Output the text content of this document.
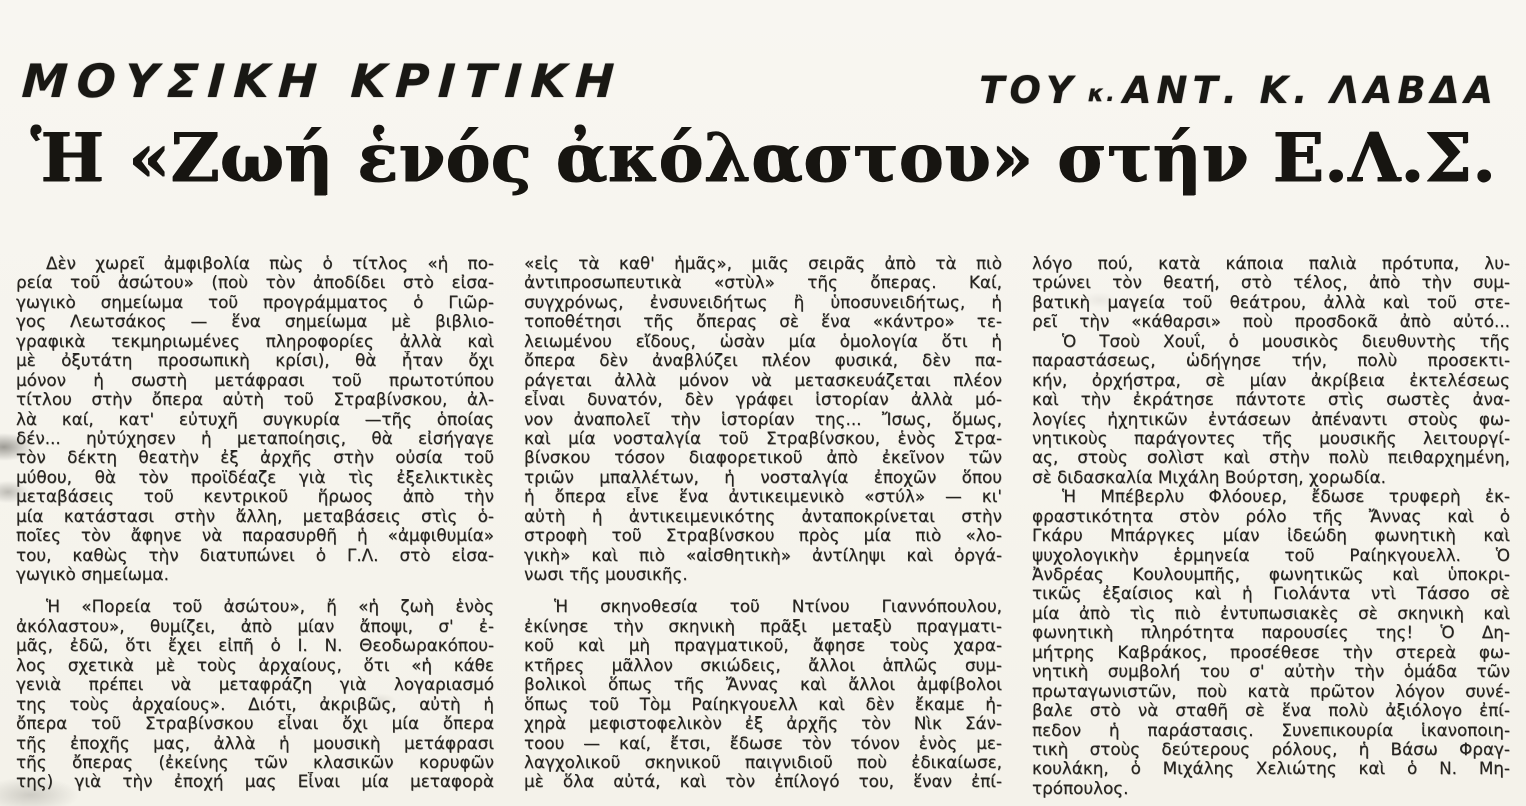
ΜΟΥΣΙΚΗ ΚΡΙΤΙΚΗ	ΤΟΥ κ. ΑΝΤ. Κ. ΛΑΒΔΑ
Ἡ «Ζωή ἑνός ἀκόλαστου» στήν Ε.Λ.Σ.
Δὲν χωρεῖ ἀμφιβολία πὼς ὁ τίτλος «ἡ πο-
ρεία τοῦ ἀσώτου» (ποὺ τὸν ἀποδίδει στὸ εἰσα-
γωγικὸ σημείωμα τοῦ προγράμματος ὁ Γιῶρ-
γος Λεωτσάκος — ἕνα σημείωμα μὲ βιβλιο-
γραφικὰ τεκμηριωμένες πληροφορίες ἀλλὰ καὶ
μὲ ὀξυτάτη προσωπικὴ κρίσι), θὰ ἦταν ὄχι
μόνον ἡ σωστὴ μετάφρασι τοῦ πρωτοτύπου
τίτλου στὴν ὄπερα αὐτὴ τοῦ Στραβίνσκου, ἀλ-
λὰ καί, κατ' εὐτυχῆ συγκυρία —τῆς ὁποίας
δέν... ηὐτύχησεν ἡ μεταποίησις, θὰ εἰσήγαγε
τὸν δέκτη θεατὴν ἐξ ἀρχῆς στὴν οὐσία τοῦ
μύθου, θὰ τὸν προϊδέαζε γιὰ τὶς ἐξελικτικὲς
μεταβάσεις τοῦ κεντρικοῦ ἥρωος ἀπὸ τὴν
μία κατάστασι στὴν ἄλλη, μεταβάσεις στὶς ὁ-
ποῖες τὸν ἄφηνε νὰ παρασυρθῆ ἡ «ἀμφιθυμία»
του, καθὼς τὴν διατυπώνει ὁ Γ.Λ. στὸ εἰσα-
γωγικὸ σημείωμα.
Ἡ «Πορεία τοῦ ἀσώτου», ἤ «ἡ ζωὴ ἑνὸς
ἀκόλαστου», θυμίζει, ἀπὸ μίαν ἄποψι, σ' ἐ-
μᾶς, ἐδῶ, ὅτι ἔχει εἰπῆ ὁ Ι. Ν. Θεοδωρακόπου-
λος σχετικὰ μὲ τοὺς ἀρχαίους, ὅτι «ἡ κάθε
γενιὰ πρέπει νὰ μεταφράζη γιὰ λογαριασμό
της τοὺς ἀρχαίους». Διότι, ἀκριβῶς, αὐτὴ ἡ
ὄπερα τοῦ Στραβίνσκου εἶναι ὄχι μία ὄπερα
τῆς ἐποχῆς μας, ἀλλὰ ἡ μουσικὴ μετάφρασι
τῆς ὄπερας (ἐκείνης τῶν κλασικῶν κορυφῶν
της) γιὰ τὴν ἐποχή μας Εἶναι μία μεταφορὰ
«εἰς τὰ καθ' ἡμᾶς», μιᾶς σειρᾶς ἀπὸ τὰ πιὸ
ἀντιπροσωπευτικὰ «στὺλ» τῆς ὄπερας. Καί,
συγχρόνως, ἐνσυνειδήτως ἢ ὑποσυνειδήτως, ἡ
τοποθέτησι τῆς ὄπερας σὲ ἕνα «κάντρο» τε-
λειωμένου εἴδους, ὡσὰν μία ὁμολογία ὅτι ἡ
ὄπερα δὲν ἀναβλύζει πλέον φυσικά, δὲν πα-
ράγεται ἀλλὰ μόνον νὰ μετασκευάζεται πλέον
εἶναι δυνατόν, δὲν γράφει ἱστορίαν ἀλλὰ μό-
νον ἀναπολεῖ τὴν ἱστορίαν της... Ἴσως, ὅμως,
καὶ μία νοσταλγία τοῦ Στραβίνσκου, ἑνὸς Στρα-
βίνσκου τόσον διαφορετικοῦ ἀπὸ ἐκεῖνον τῶν
τριῶν μπαλλέτων, ἡ νοσταλγία ἐποχῶν ὅπου
ἡ ὄπερα εἶνε ἕνα ἀντικειμενικὸ «στύλ» — κι'
αὐτὴ ἡ ἀντικειμενικότης ἀνταποκρίνεται στὴν
στροφὴ τοῦ Στραβίνσκου πρὸς μία πιὸ «λο-
γικὴ» καὶ πιὸ «αἰσθητικὴ» ἀντίληψι καὶ ὀργά-
νωσι τῆς μουσικῆς.
Ἡ σκηνοθεσία τοῦ Ντίνου Γιαννόπουλου,
ἐκίνησε τὴν σκηνικὴ πρᾶξι μεταξὺ πραγματι-
κοῦ καὶ μὴ πραγματικοῦ, ἄφησε τοὺς χαρα-
κτῆρες μᾶλλον σκιώδεις, ἄλλοι ἁπλῶς συμ-
βολικοὶ ὅπως τῆς Ἄννας καὶ ἄλλοι ἀμφίβολοι
ὅπως τοῦ Τὸμ Ραίηκγουελλ καὶ δὲν ἔκαμε ἠ-
χηρὰ μεφιστοφελικὸν ἐξ ἀρχῆς τὸν Νὶκ Σάν-
τοου — καί, ἔτσι, ἔδωσε τὸν τόνον ἑνὸς με-
λαγχολικοῦ σκηνικοῦ παιγνιδιοῦ ποὺ ἐδικαίωσε,
μὲ ὅλα αὐτά, καὶ τὸν ἐπίλογό του, ἕναν ἐπί-
λόγο πού, κατὰ κάποια παλιὰ πρότυπα, λυ-
τρώνει τὸν θεατή, στὸ τέλος, ἀπὸ τὴν συμ-
βατικὴ μαγεία τοῦ θεάτρου, ἀλλὰ καὶ τοῦ στε-
ρεῖ τὴν «κάθαρσι» ποὺ προσδοκᾶ ἀπὸ αὐτό...
Ὁ Τσοὺ Χουΐ, ὁ μουσικὸς διευθυντὴς τῆς
παραστάσεως, ὡδήγησε τήν, πολὺ προσεκτι-
κήν, ὀρχήστρα, σὲ μίαν ἀκρίβεια ἐκτελέσεως
καὶ τὴν ἐκράτησε πάντοτε στὶς σωστὲς ἀνα-
λογίες ἠχητικῶν ἐντάσεων ἀπέναντι στοὺς φω-
νητικοὺς παράγοντες τῆς μουσικῆς λειτουργί-
ας, στοὺς σολὶστ καὶ στὴν πολὺ πειθαρχημένη,
σὲ διδασκαλία Μιχάλη Βούρτση, χορωδία.
Ἡ Μπέβερλυ Φλόουερ, ἔδωσε τρυφερὴ ἐκ-
φραστικότητα στὸν ρόλο τῆς Ἄννας καὶ ὁ
Γκάρυ Μπάργκες μίαν ἰδεώδη φωνητικὴ καὶ
ψυχολογικὴν ἑρμηνεία τοῦ Ραίηκγουελλ. Ὁ
Ἀνδρέας Κουλουμπῆς, φωνητικῶς καὶ ὑποκρι-
τικῶς ἐξαίσιος καὶ ἡ Γιολάντα ντὶ Τάσσο σὲ
μία ἀπὸ τὶς πιὸ ἐντυπωσιακὲς σὲ σκηνικὴ καὶ
φωνητικὴ πληρότητα παρουσίες της! Ὁ Δη-
μήτρης Καβράκος, προσέθεσε τὴν στερεὰ φω-
νητικὴ συμβολή του σ' αὐτὴν τὴν ὁμάδα τῶν
πρωταγωνιστῶν, ποὺ κατὰ πρῶτον λόγον συνέ-
βαλε στὸ νὰ σταθῆ σὲ ἕνα πολὺ ἀξιόλογο ἐπί-
πεδον ἡ παράστασις. Συνεπικουρία ἱκανοποιη-
τικὴ στοὺς δεύτερους ρόλους, ἡ Βάσω Φραγ-
κουλάκη, ὁ Μιχάλης Χελιώτης καὶ ὁ Ν. Μη-
τρόπουλος.
